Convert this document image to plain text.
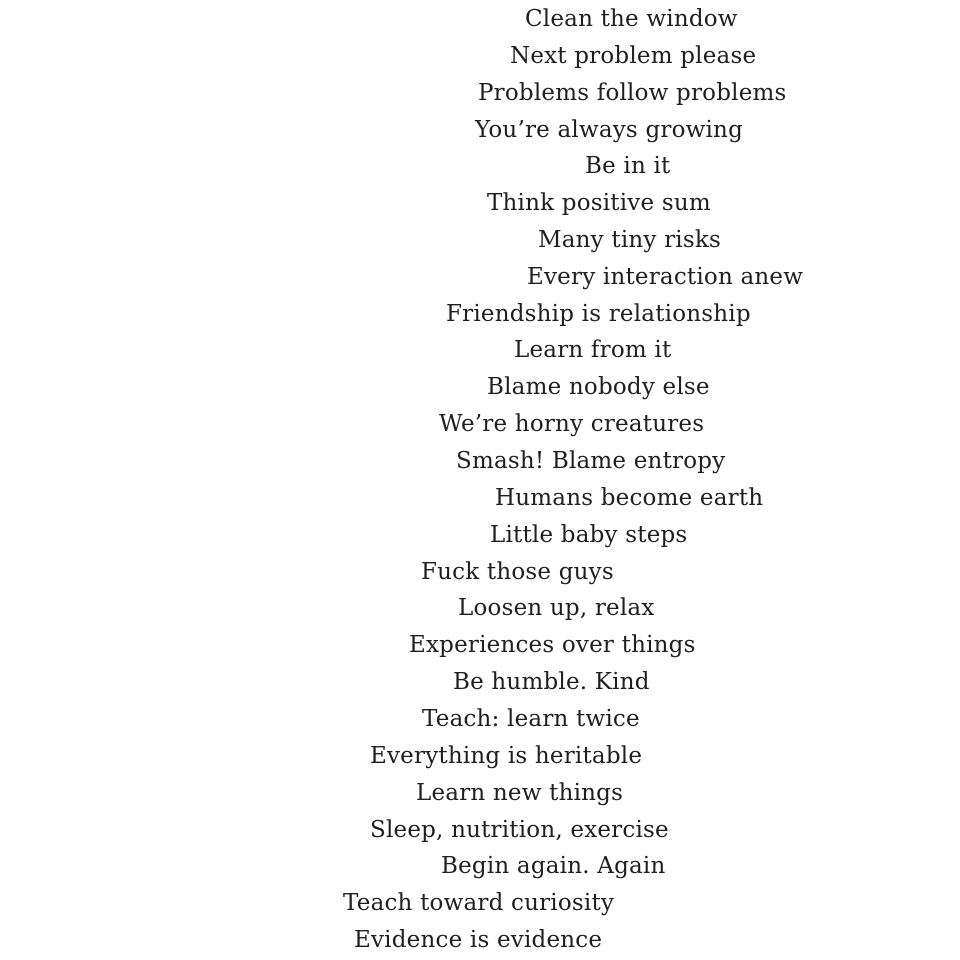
Clean the window

Next problem please

Problems follow problems

You’re always growing

Be in it

Think positive sum

Many tiny risks

Every interaction anew

Friendship is relationship

Learn from it

Blame nobody else

We’re horny creatures

Smash! Blame entropy

Humans become earth

Little baby steps

Fuck those guys

Loosen up, relax

Experiences over things

Be humble. Kind

Teach: learn twice

Everything is heritable

Learn new things

Sleep, nutrition, exercise

Begin again. Again

Teach toward curiosity

Evidence is evidence
